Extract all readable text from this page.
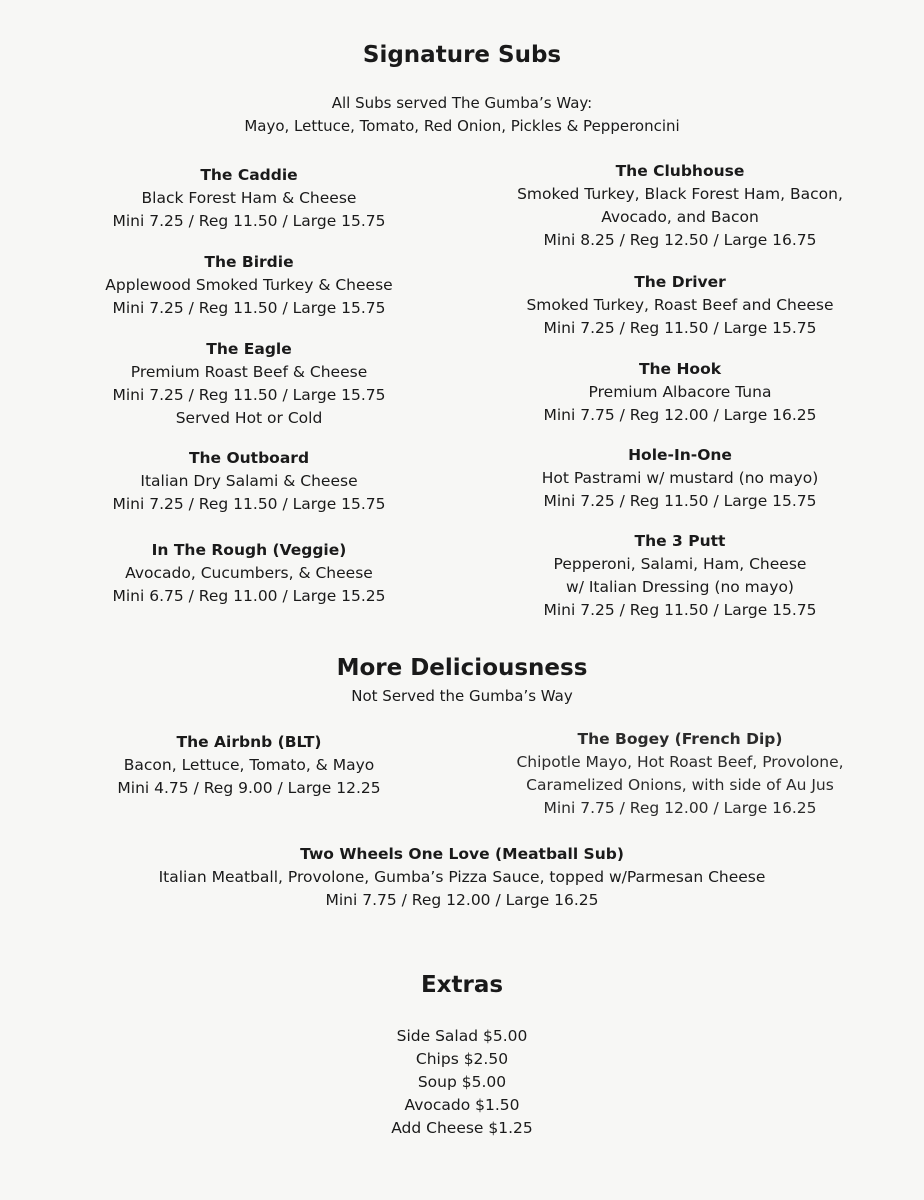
Signature Subs
All Subs served The Gumba’s Way:
Mayo, Lettuce, Tomato, Red Onion, Pickles & Pepperoncini
The Caddie
Black Forest Ham & Cheese
Mini 7.25 / Reg 11.50 / Large 15.75
The Birdie
Applewood Smoked Turkey & Cheese
Mini 7.25 / Reg 11.50 / Large 15.75
The Eagle
Premium Roast Beef & Cheese
Mini 7.25 / Reg 11.50 / Large 15.75
Served Hot or Cold
The Outboard
Italian Dry Salami & Cheese
Mini 7.25 / Reg 11.50 / Large 15.75
In The Rough (Veggie)
Avocado, Cucumbers, & Cheese
Mini 6.75 / Reg 11.00 / Large 15.25
The Clubhouse
Smoked Turkey, Black Forest Ham, Bacon,
Avocado, and Bacon
Mini 8.25 / Reg 12.50 / Large 16.75
The Driver
Smoked Turkey, Roast Beef and Cheese
Mini 7.25 / Reg 11.50 / Large 15.75
The Hook
Premium Albacore Tuna
Mini 7.75 / Reg 12.00 / Large 16.25
Hole-In-One
Hot Pastrami w/ mustard (no mayo)
Mini 7.25 / Reg 11.50 / Large 15.75
The 3 Putt
Pepperoni, Salami, Ham, Cheese
w/ Italian Dressing (no mayo)
Mini 7.25 / Reg 11.50 / Large 15.75
More Deliciousness
Not Served the Gumba’s Way
The Airbnb (BLT)
Bacon, Lettuce, Tomato, & Mayo
Mini 4.75 / Reg 9.00 / Large 12.25
The Bogey (French Dip)
Chipotle Mayo, Hot Roast Beef, Provolone,
Caramelized Onions, with side of Au Jus
Mini 7.75 / Reg 12.00 / Large 16.25
Two Wheels One Love (Meatball Sub)
Italian Meatball, Provolone, Gumba’s Pizza Sauce, topped w/Parmesan Cheese
Mini 7.75 / Reg 12.00 / Large 16.25
Extras
Side Salad $5.00
Chips $2.50
Soup $5.00
Avocado $1.50
Add Cheese $1.25
